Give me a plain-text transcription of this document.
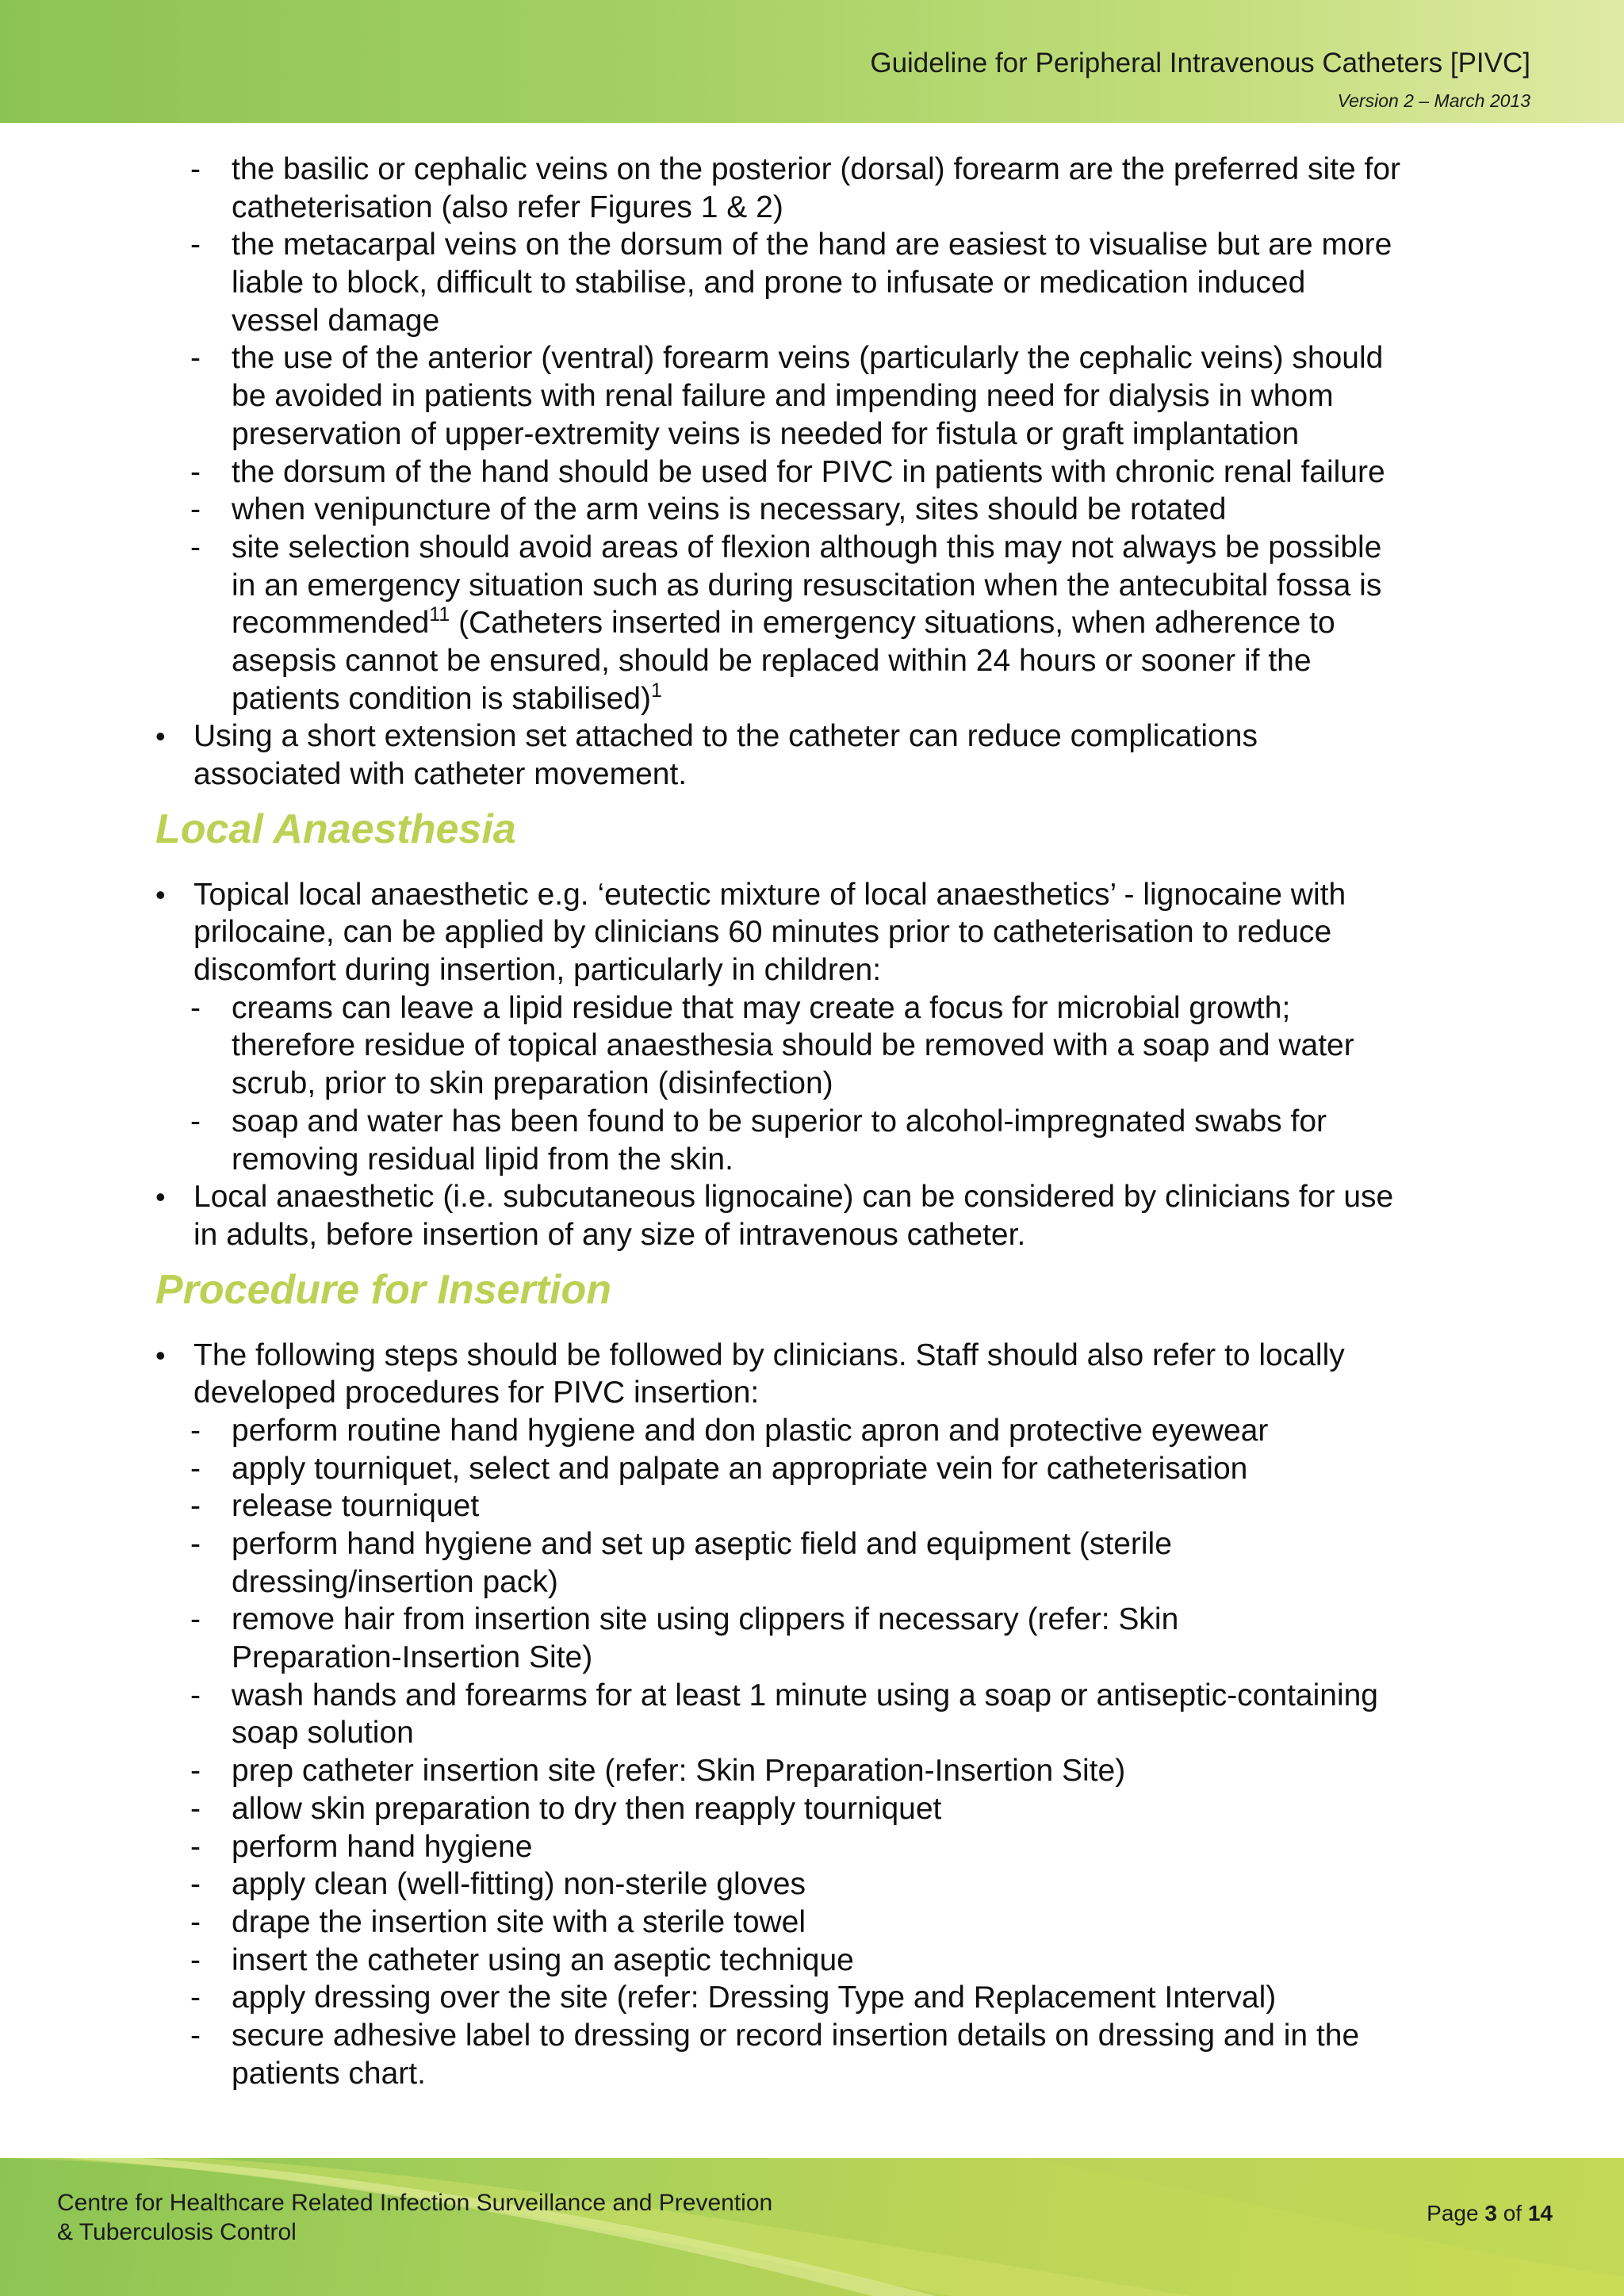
Guideline for Peripheral Intravenous Catheters [PIVC]
Version 2 – March 2013
- the basilic or cephalic veins on the posterior (dorsal) forearm are the preferred site for
catheterisation (also refer Figures 1 & 2)
- the metacarpal veins on the dorsum of the hand are easiest to visualise but are more
liable to block, difficult to stabilise, and prone to infusate or medication induced
vessel damage
- the use of the anterior (ventral) forearm veins (particularly the cephalic veins) should
be avoided in patients with renal failure and impending need for dialysis in whom
preservation of upper-extremity veins is needed for fistula or graft implantation
- the dorsum of the hand should be used for PIVC in patients with chronic renal failure
- when venipuncture of the arm veins is necessary, sites should be rotated
- site selection should avoid areas of flexion although this may not always be possible
in an emergency situation such as during resuscitation when the antecubital fossa is
recommended$^{11}$ (Catheters inserted in emergency situations, when adherence to
asepsis cannot be ensured, should be replaced within 24 hours or sooner if the
patients condition is stabilised)$^1$
• Using a short extension set attached to the catheter can reduce complications
associated with catheter movement.
Local Anaesthesia
• Topical local anaesthetic e.g. ‘eutectic mixture of local anaesthetics’ - lignocaine with
prilocaine, can be applied by clinicians 60 minutes prior to catheterisation to reduce
discomfort during insertion, particularly in children:
- creams can leave a lipid residue that may create a focus for microbial growth;
therefore residue of topical anaesthesia should be removed with a soap and water
scrub, prior to skin preparation (disinfection)
- soap and water has been found to be superior to alcohol-impregnated swabs for
removing residual lipid from the skin.
• Local anaesthetic (i.e. subcutaneous lignocaine) can be considered by clinicians for use
in adults, before insertion of any size of intravenous catheter.
Procedure for Insertion
• The following steps should be followed by clinicians. Staff should also refer to locally
developed procedures for PIVC insertion:
- perform routine hand hygiene and don plastic apron and protective eyewear
- apply tourniquet, select and palpate an appropriate vein for catheterisation
- release tourniquet
- perform hand hygiene and set up aseptic field and equipment (sterile
dressing/insertion pack)
- remove hair from insertion site using clippers if necessary (refer: Skin
Preparation-Insertion Site)
- wash hands and forearms for at least 1 minute using a soap or antiseptic-containing
soap solution
- prep catheter insertion site (refer: Skin Preparation-Insertion Site)
- allow skin preparation to dry then reapply tourniquet
- perform hand hygiene
- apply clean (well-fitting) non-sterile gloves
- drape the insertion site with a sterile towel
- insert the catheter using an aseptic technique
- apply dressing over the site (refer: Dressing Type and Replacement Interval)
- secure adhesive label to dressing or record insertion details on dressing and in the
patients chart.
Centre for Healthcare Related Infection Surveillance and Prevention
& Tuberculosis Control
Page 3 of 14
